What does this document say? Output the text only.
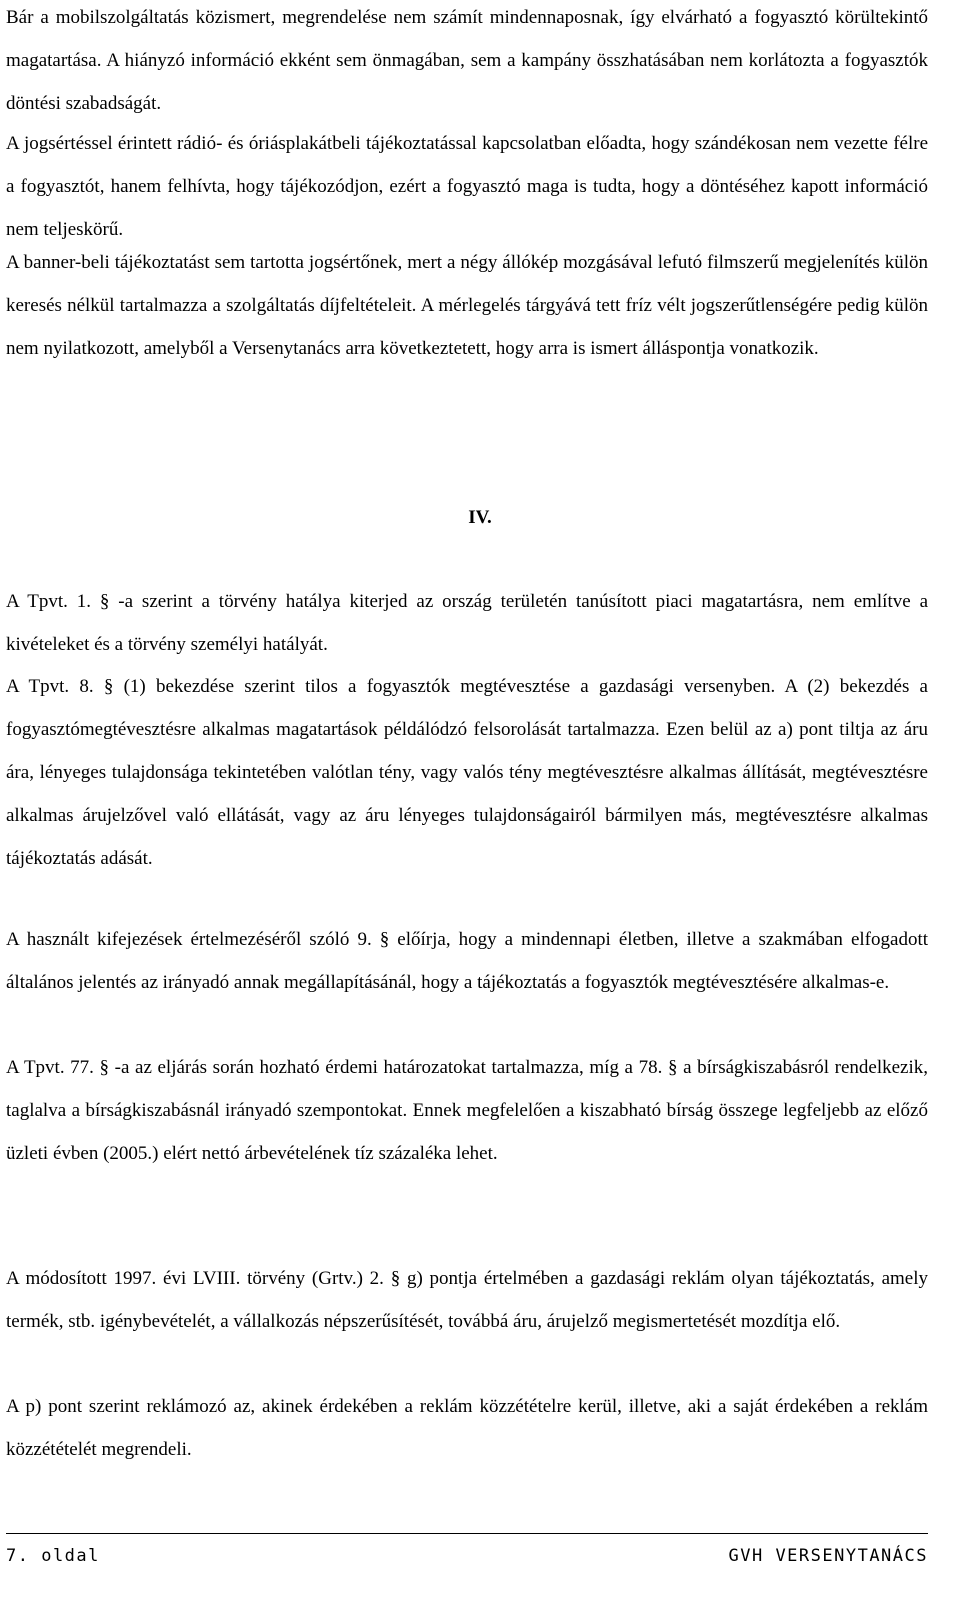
Bár a mobilszolgáltatás közismert, megrendelése nem számít mindennaposnak, így elvárható a fogyasztó körültekintő magatartása. A hiányzó információ ekként sem önmagában, sem a kampány összhatásában nem korlátozta a fogyasztók döntési szabadságát.

A jogsértéssel érintett rádió- és óriásplakátbeli tájékoztatással kapcsolatban előadta, hogy szándékosan nem vezette félre a fogyasztót, hanem felhívta, hogy tájékozódjon, ezért a fogyasztó maga is tudta, hogy a döntéséhez kapott információ nem teljeskörű.

A banner-beli tájékoztatást sem tartotta jogsértőnek, mert a négy állókép mozgásával lefutó filmszerű megjelenítés külön keresés nélkül tartalmazza a szolgáltatás díjfeltételeit. A mérlegelés tárgyává tett fríz vélt jogszerűtlenségére pedig külön nem nyilatkozott, amelyből a Versenytanács arra következtetett, hogy arra is ismert álláspontja vonatkozik.

IV.

A Tpvt. 1. § -a szerint a törvény hatálya kiterjed az ország területén tanúsított piaci magatartásra, nem említve a kivételeket és a törvény személyi hatályát.

A Tpvt. 8. § (1) bekezdése szerint tilos a fogyasztók megtévesztése a gazdasági versenyben. A (2) bekezdés a fogyasztómegtévesztésre alkalmas magatartások példálódzó felsorolását tartalmazza. Ezen belül az a) pont tiltja az áru ára, lényeges tulajdonsága tekintetében valótlan tény, vagy valós tény megtévesztésre alkalmas állítását, megtévesztésre alkalmas árujelzővel való ellátását, vagy az áru lényeges tulajdonságairól bármilyen más, megtévesztésre alkalmas tájékoztatás adását.

A használt kifejezések értelmezéséről szóló 9. § előírja, hogy a mindennapi életben, illetve a szakmában elfogadott általános jelentés az irányadó annak megállapításánál, hogy a tájékoztatás a fogyasztók megtévesztésére alkalmas-e.

A Tpvt. 77. § -a az eljárás során hozható érdemi határozatokat tartalmazza, míg a 78. § a bírságkiszabásról rendelkezik, taglalva a bírságkiszabásnál irányadó szempontokat. Ennek megfelelően a kiszabható bírság összege legfeljebb az előző üzleti évben (2005.) elért nettó árbevételének tíz százaléka lehet.

A módosított 1997. évi LVIII. törvény (Grtv.) 2. § g) pontja értelmében a gazdasági reklám olyan tájékoztatás, amely termék, stb. igénybevételét, a vállalkozás népszerűsítését, továbbá áru, árujelző megismertetését mozdítja elő.

A p) pont szerint reklámozó az, akinek érdekében a reklám közzétételre kerül, illetve, aki a saját érdekében a reklám közzétételét megrendeli.

7. oldal	GVH VERSENYTANÁCS
